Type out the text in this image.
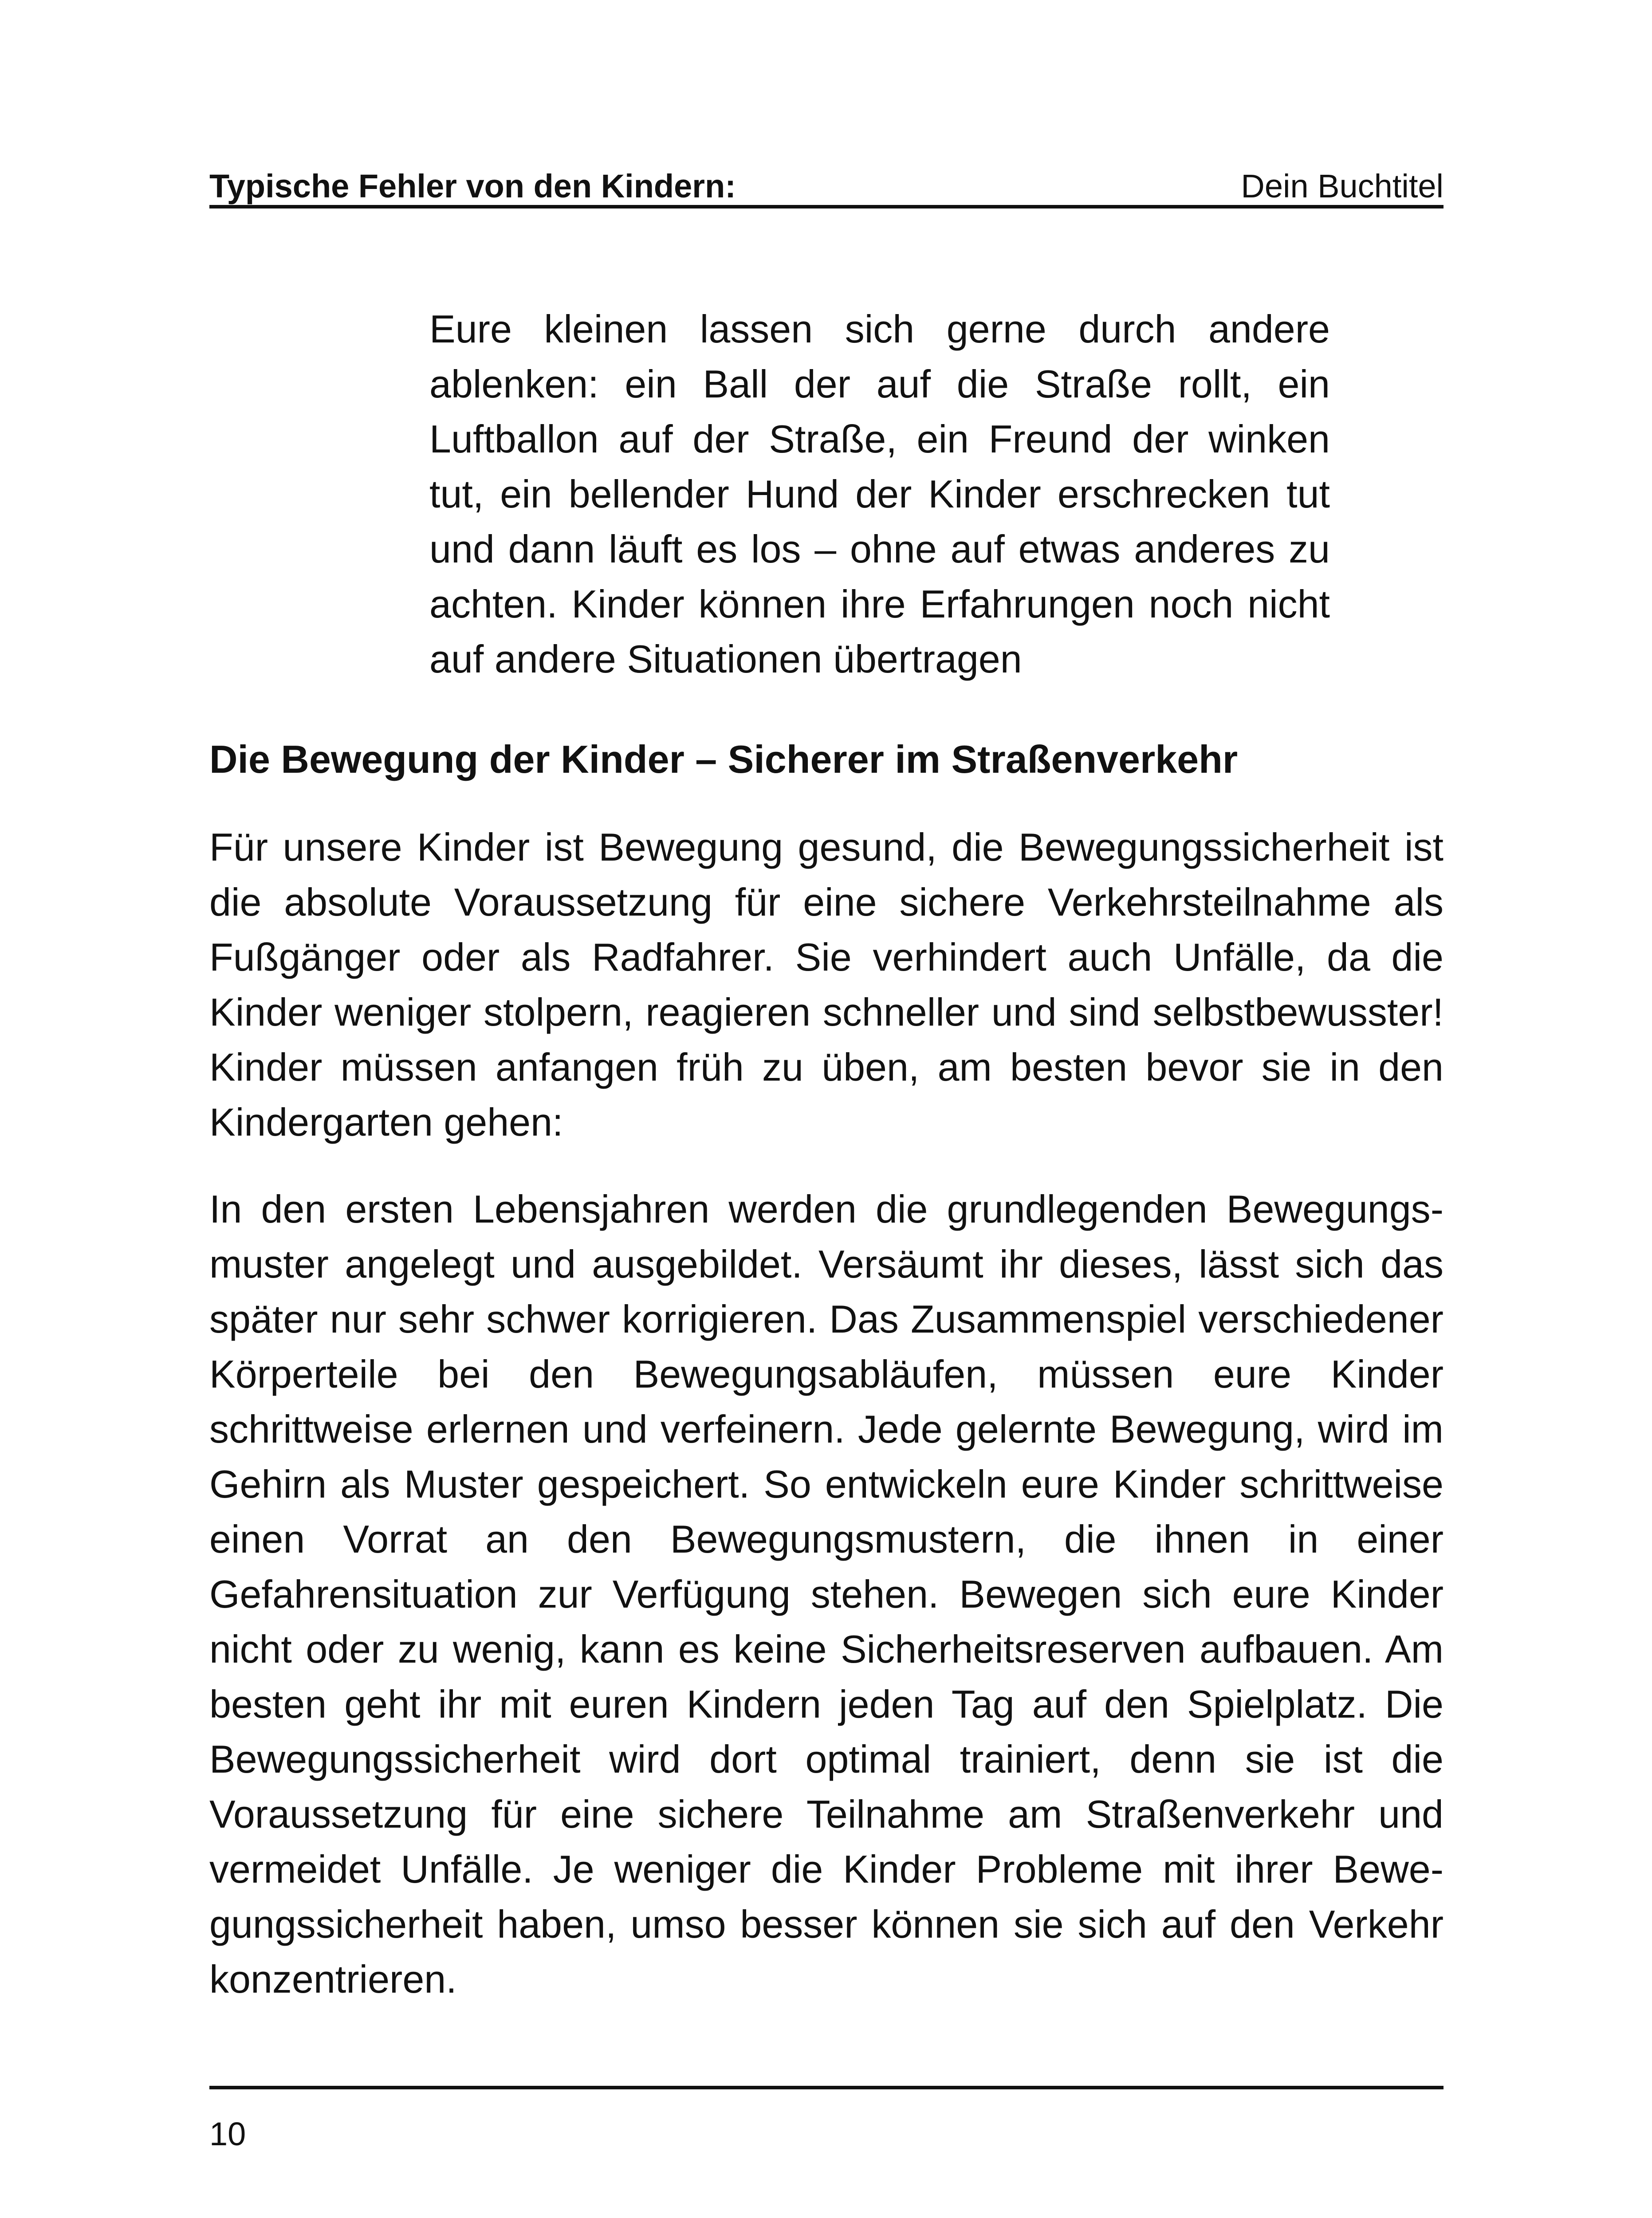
Typische Fehler von den Kindern:	Dein Buchtitel
Eure kleinen lassen sich gerne durch andere ablenken: ein Ball der auf die Straße rollt, ein Luftballon auf der Straße, ein Freund der winken tut, ein bellender Hund der Kinder erschrecken tut und dann läuft es los – ohne auf etwas anderes zu achten. Kinder können ihre Erfahrungen noch nicht auf andere Situationen übertragen
Die Bewegung der Kinder – Sicherer im Straßenverkehr

Für unsere Kinder ist Bewegung gesund, die Bewegungssicherheit ist die absolute Voraussetzung für eine sichere Verkehrsteilnahme als Fußgänger oder als Radfahrer. Sie verhindert auch Unfälle, da die Kinder weniger stolpern, reagieren schneller und sind selbstbewusster! Kinder müssen anfangen früh zu üben, am besten bevor sie in den Kindergarten gehen:

In den ersten Lebensjahren werden die grundlegenden Bewegungsmuster angelegt und ausgebildet. Versäumt ihr dieses, lässt sich das später nur sehr schwer korrigieren. Das Zusammenspiel verschiedener Körperteile bei den Bewegungsabläufen, müssen eure Kinder schrittweise erlernen und verfeinern. Jede gelernte Bewegung, wird im Gehirn als Muster gespeichert. So entwickeln eure Kinder schrittweise einen Vorrat an den Bewegungsmustern, die ihnen in einer Gefahrensituation zur Verfügung stehen. Bewegen sich eure Kinder nicht oder zu wenig, kann es keine Sicherheitsreserven aufbauen. Am besten geht ihr mit euren Kindern jeden Tag auf den Spielplatz. Die Bewegungssicherheit wird dort optimal trainiert, denn sie ist die Voraussetzung für eine sichere Teilnahme am Straßenverkehr und vermeidet Unfälle. Je weniger die Kinder Probleme mit ihrer Bewegungssicherheit haben, umso besser können sie sich auf den Verkehr konzentrieren.

10
